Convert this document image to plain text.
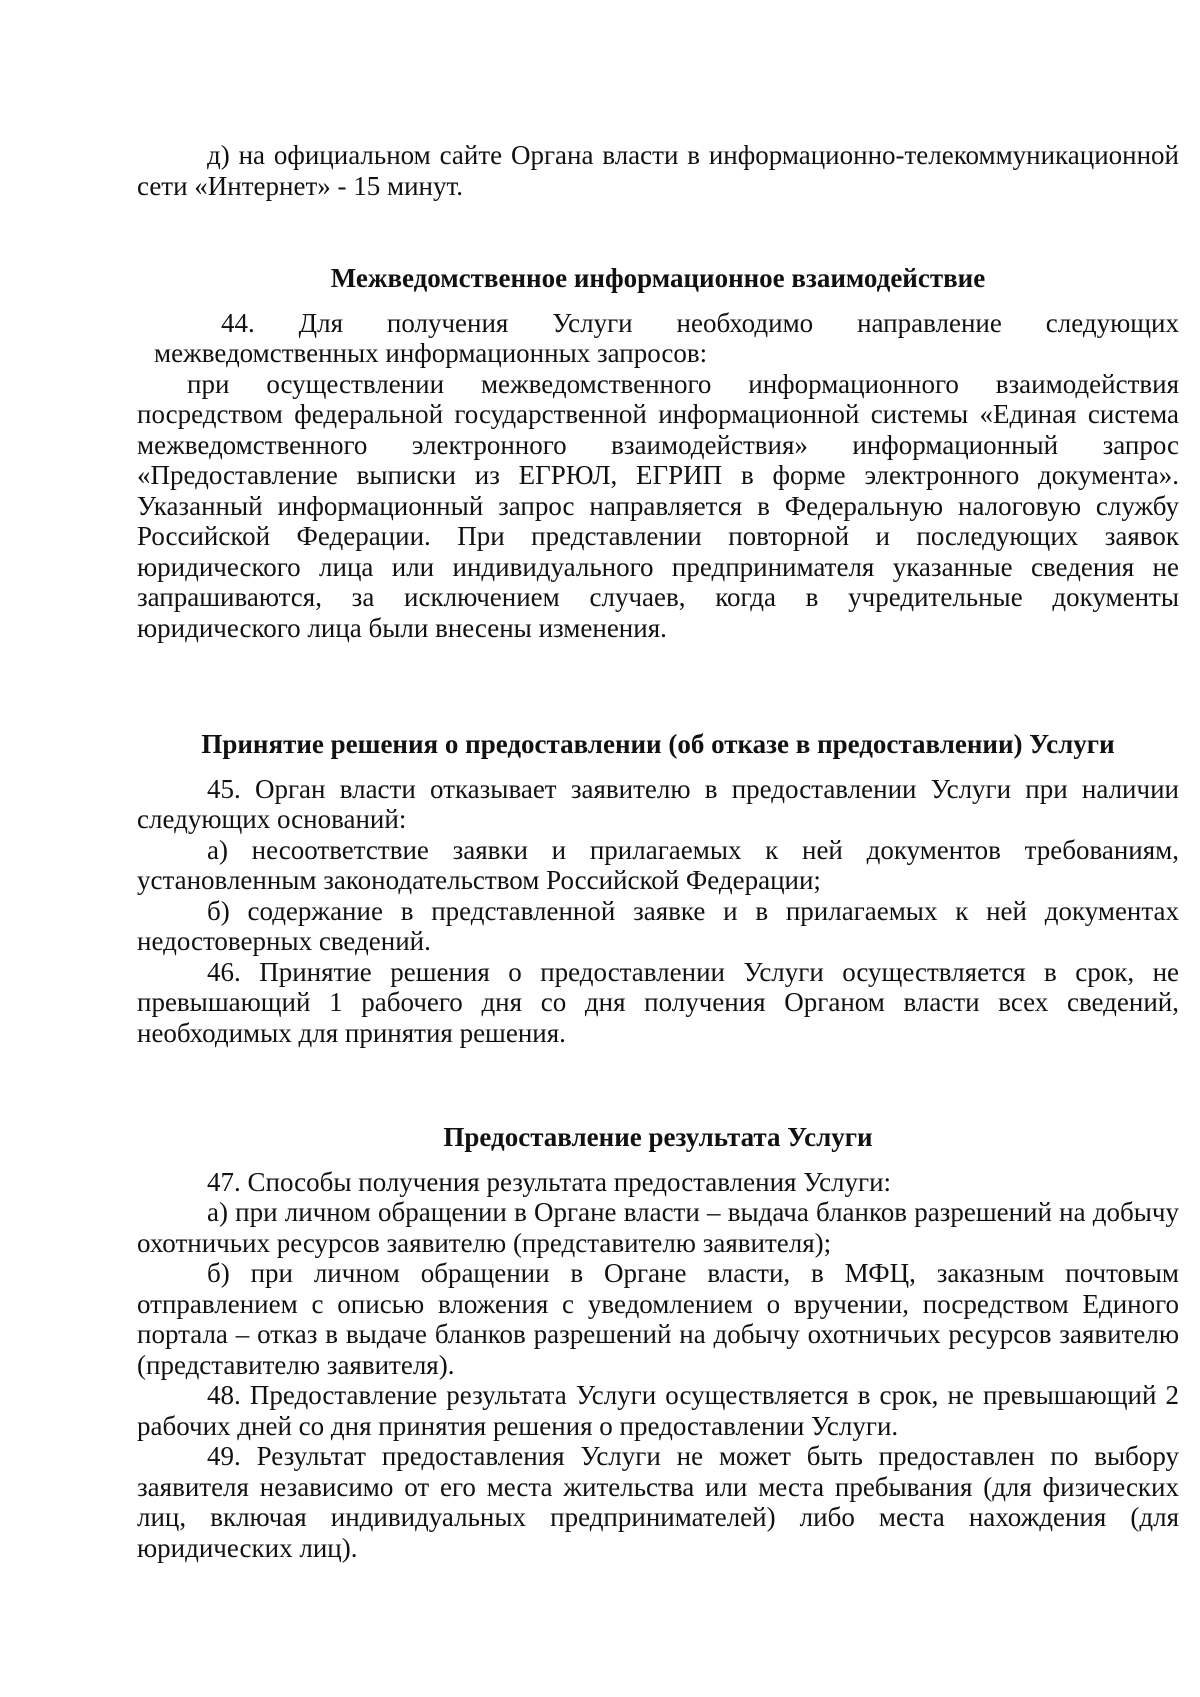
д) на официальном сайте Органа власти в информационно-телекоммуникационной сети «Интернет» - 15 минут.

Межведомственное информационное взаимодействие

44. Для получения Услуги необходимо направление следующих межведомственных информационных запросов:

при осуществлении межведомственного информационного взаимодействия посредством федеральной государственной информационной системы «Единая система межведомственного электронного взаимодействия» информационный запрос «Предоставление выписки из ЕГРЮЛ, ЕГРИП в форме электронного документа». Указанный информационный запрос направляется в Федеральную налоговую службу Российской Федерации. При представлении повторной и последующих заявок юридического лица или индивидуального предпринимателя указанные сведения не запрашиваются, за исключением случаев, когда в учредительные документы юридического лица были внесены изменения.

Принятие решения о предоставлении (об отказе в предоставлении) Услуги

45. Орган власти отказывает заявителю в предоставлении Услуги при наличии следующих оснований:

а) несоответствие заявки и прилагаемых к ней документов требованиям, установленным законодательством Российской Федерации;

б) содержание в представленной заявке и в прилагаемых к ней документах недостоверных сведений.

46. Принятие решения о предоставлении Услуги осуществляется в срок, не превышающий 1 рабочего дня со дня получения Органом власти всех сведений, необходимых для принятия решения.

Предоставление результата Услуги

47. Способы получения результата предоставления Услуги:

а) при личном обращении в Органе власти – выдача бланков разрешений на добычу охотничьих ресурсов заявителю (представителю заявителя);

б) при личном обращении в Органе власти, в МФЦ, заказным почтовым отправлением с описью вложения с уведомлением о вручении, посредством Единого портала – отказ в выдаче бланков разрешений на добычу охотничьих ресурсов заявителю (представителю заявителя).

48. Предоставление результата Услуги осуществляется в срок, не превышающий 2 рабочих дней со дня принятия решения о предоставлении Услуги.

49. Результат предоставления Услуги не может быть предоставлен по выбору заявителя независимо от его места жительства или места пребывания (для физических лиц, включая индивидуальных предпринимателей) либо места нахождения (для юридических лиц).
